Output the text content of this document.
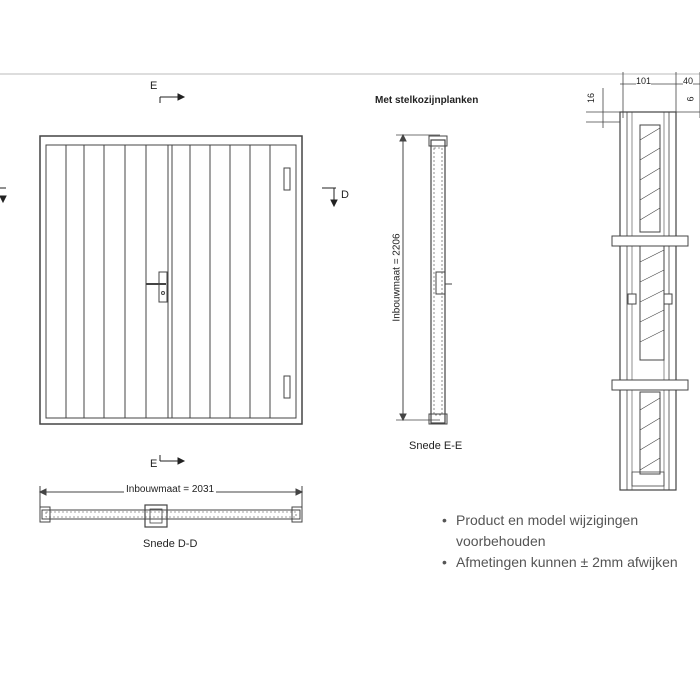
E
E
D
Met stelkozijnplanken
Inbouwmaat = 2206
Inbouwmaat = 2031
Snede E-E
Snede D-D
101	40
16	6
• Product en model wijzigingen voorbehouden
• Afmetingen kunnen ± 2mm afwijken
